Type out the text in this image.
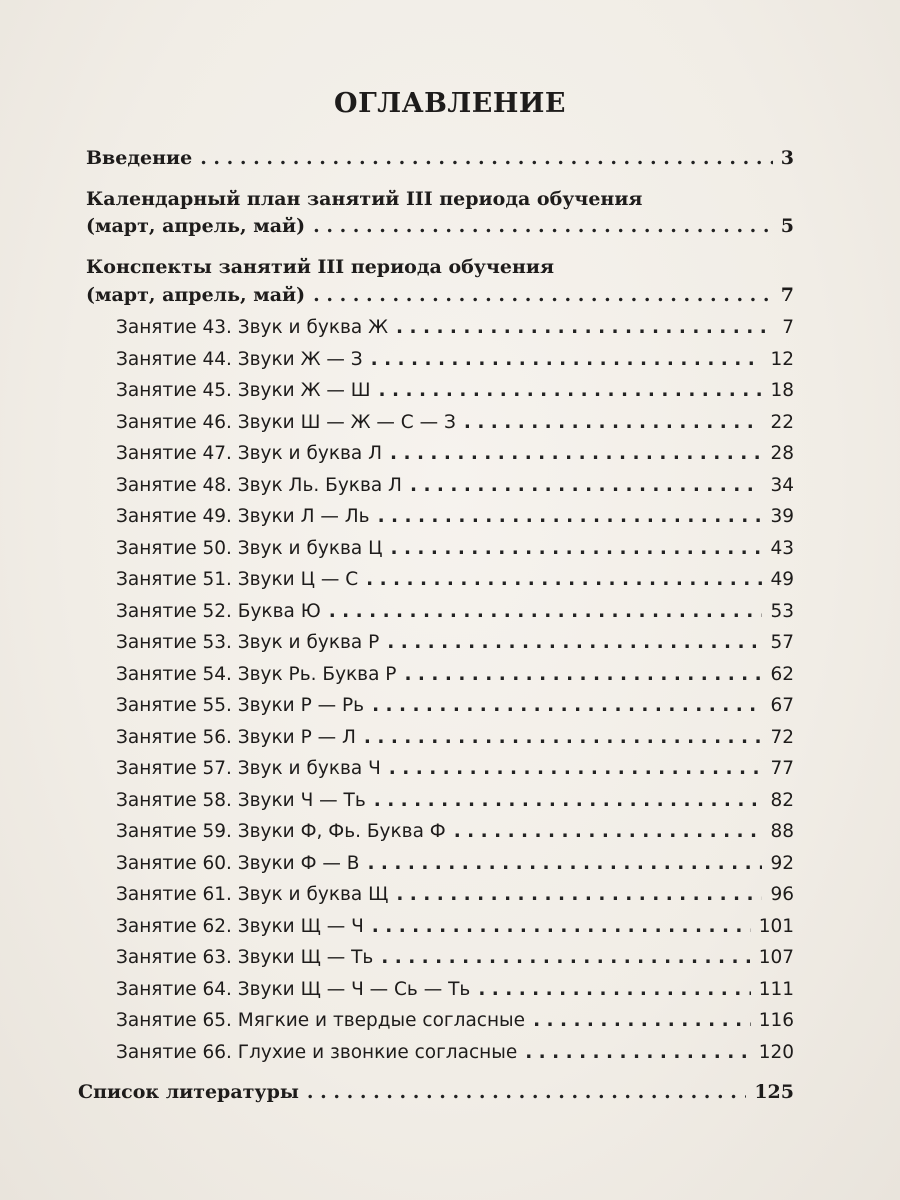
ОГЛАВЛЕНИЕ
Введение . . .	3
Календарный план занятий III периода обучения
(март, апрель, май) . . .	5
Конспекты занятий III периода обучения
(март, апрель, май) . . .	7
Занятие 43. Звук и буква Ж . . .	7
Занятие 44. Звуки Ж — З . . .	12
Занятие 45. Звуки Ж — Ш . . .	18
Занятие 46. Звуки Ш — Ж — С — З . . .	22
Занятие 47. Звук и буква Л . . .	28
Занятие 48. Звук Ль. Буква Л . . .	34
Занятие 49. Звуки Л — Ль . . .	39
Занятие 50. Звук и буква Ц . . .	43
Занятие 51. Звуки Ц — С . . .	49
Занятие 52. Буква Ю . . .	53
Занятие 53. Звук и буква Р . . .	57
Занятие 54. Звук Рь. Буква Р . . .	62
Занятие 55. Звуки Р — Рь . . .	67
Занятие 56. Звуки Р — Л . . .	72
Занятие 57. Звук и буква Ч . . .	77
Занятие 58. Звуки Ч — Ть . . .	82
Занятие 59. Звуки Ф, Фь. Буква Ф . . .	88
Занятие 60. Звуки Ф — В . . .	92
Занятие 61. Звук и буква Щ . . .	96
Занятие 62. Звуки Щ — Ч . . .	101
Занятие 63. Звуки Щ — Ть . . .	107
Занятие 64. Звуки Щ — Ч — Сь — Ть . . .	111
Занятие 65. Мягкие и твердые согласные . . .	116
Занятие 66. Глухие и звонкие согласные . . .	120
Список литературы . . .	125
